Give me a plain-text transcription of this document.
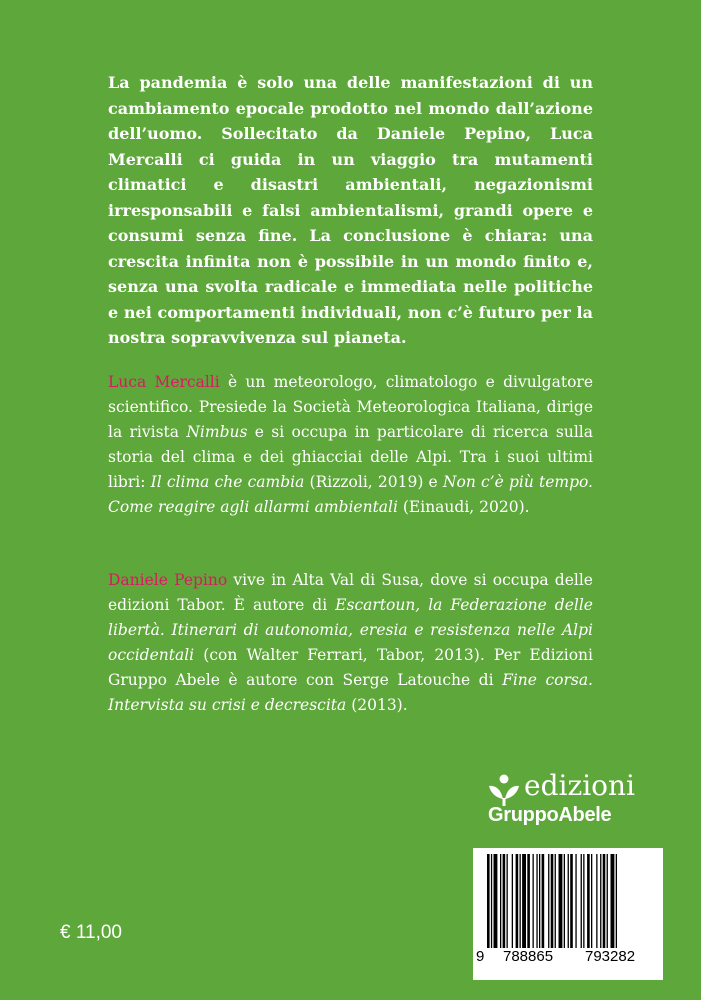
La pandemia è solo una delle manifestazioni di un cambiamento epocale prodotto nel mondo dall’azione dell’uomo. Sollecitato da Daniele Pepino, Luca Mercalli ci guida in un viaggio tra mutamenti climatici e disastri ambientali, negazionismi irresponsabili e falsi ambientalismi, grandi opere e consumi senza fine. La conclusione è chiara: una crescita infinita non è possibile in un mondo finito e, senza una svolta radicale e immediata nelle politiche e nei comportamenti individuali, non c’è futuro per la nostra sopravvivenza sul pianeta.
Luca Mercalli è un meteorologo, climatologo e divulgatore scientifico. Presiede la Società Meteorologica Italiana, dirige la rivista Nimbus e si occupa in particolare di ricerca sulla storia del clima e dei ghiacciai delle Alpi. Tra i suoi ultimi libri: Il clima che cambia (Rizzoli, 2019) e Non c’è più tempo. Come reagire agli allarmi ambientali (Einaudi, 2020).
Daniele Pepino vive in Alta Val di Susa, dove si occupa delle edizioni Tabor. È autore di Escartoun, la Federazione delle libertà. Itinerari di autonomia, eresia e resistenza nelle Alpi occidentali (con Walter Ferrari, Tabor, 2013). Per Edizioni Gruppo Abele è autore con Serge Latouche di Fine corsa. Intervista su crisi e decrescita (2013).
edizioni
GruppoAbele
9 788865 793282
€ 11,00
